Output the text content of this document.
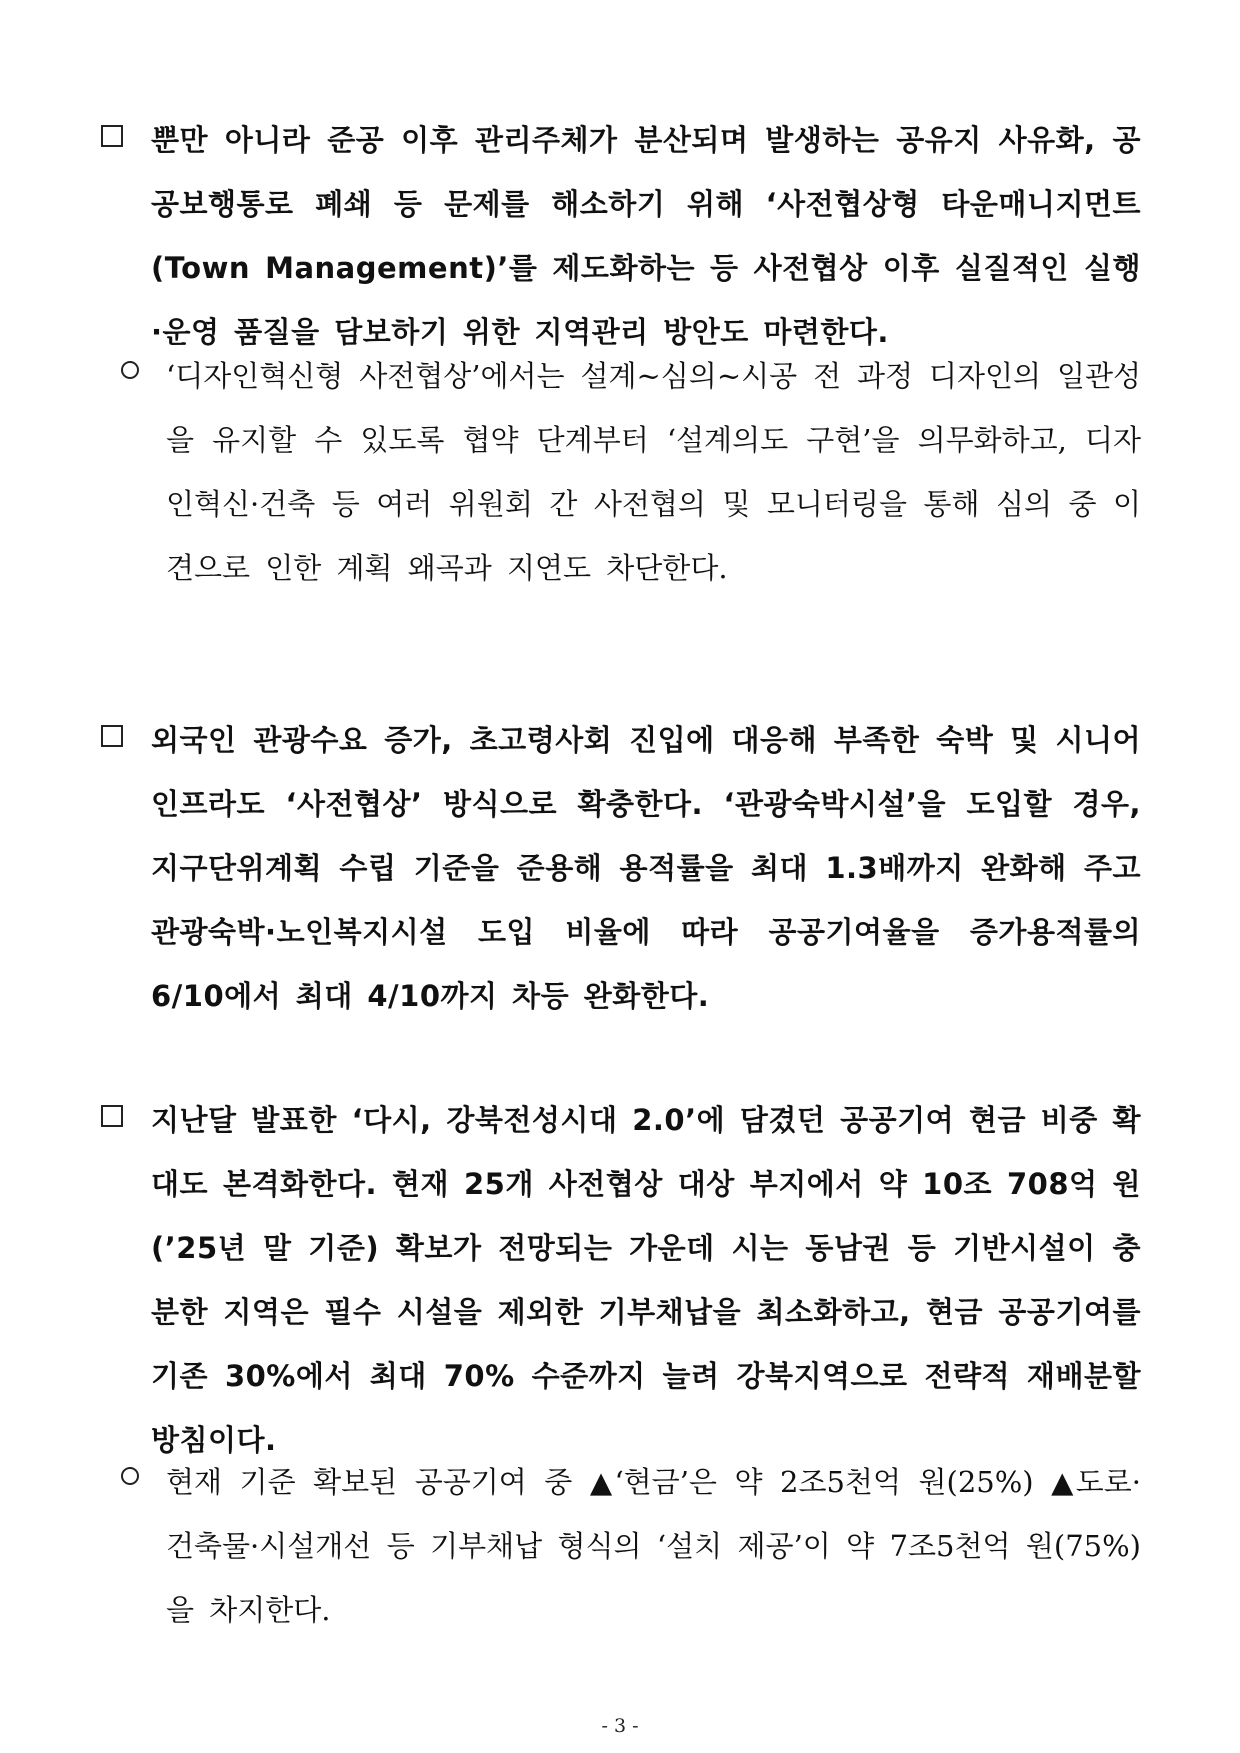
뿐만 아니라 준공 이후 관리주체가 분산되며 발생하는 공유지 사유화, 공공보행통로 폐쇄 등 문제를 해소하기 위해 ‘사전협상형 타운매니지먼트(Town Management)’를 제도화하는 등 사전협상 이후 실질적인 실행·운영 품질을 담보하기 위한 지역관리 방안도 마련한다.
‘디자인혁신형 사전협상’에서는 설계~심의~시공 전 과정 디자인의 일관성을 유지할 수 있도록 협약 단계부터 ‘설계의도 구현’을 의무화하고, 디자인혁신·건축 등 여러 위원회 간 사전협의 및 모니터링을 통해 심의 중 이견으로 인한 계획 왜곡과 지연도 차단한다.
외국인 관광수요 증가, 초고령사회 진입에 대응해 부족한 숙박 및 시니어 인프라도 ‘사전협상’ 방식으로 확충한다. ‘관광숙박시설’을 도입할 경우, 지구단위계획 수립 기준을 준용해 용적률을 최대 1.3배까지 완화해 주고 관광숙박·노인복지시설 도입 비율에 따라 공공기여율을 증가용적률의 6/10에서 최대 4/10까지 차등 완화한다.
지난달 발표한 ‘다시, 강북전성시대 2.0’에 담겼던 공공기여 현금 비중 확대도 본격화한다. 현재 25개 사전협상 대상 부지에서 약 10조 708억 원(’25년 말 기준) 확보가 전망되는 가운데 시는 동남권 등 기반시설이 충분한 지역은 필수 시설을 제외한 기부채납을 최소화하고, 현금 공공기여를 기존 30%에서 최대 70% 수준까지 늘려 강북지역으로 전략적 재배분할 방침이다.
현재 기준 확보된 공공기여 중 ▲‘현금’은 약 2조5천억 원(25%) ▲도로·건축물·시설개선 등 기부채납 형식의 ‘설치 제공’이 약 7조5천억 원(75%)을 차지한다.
- 3 -
